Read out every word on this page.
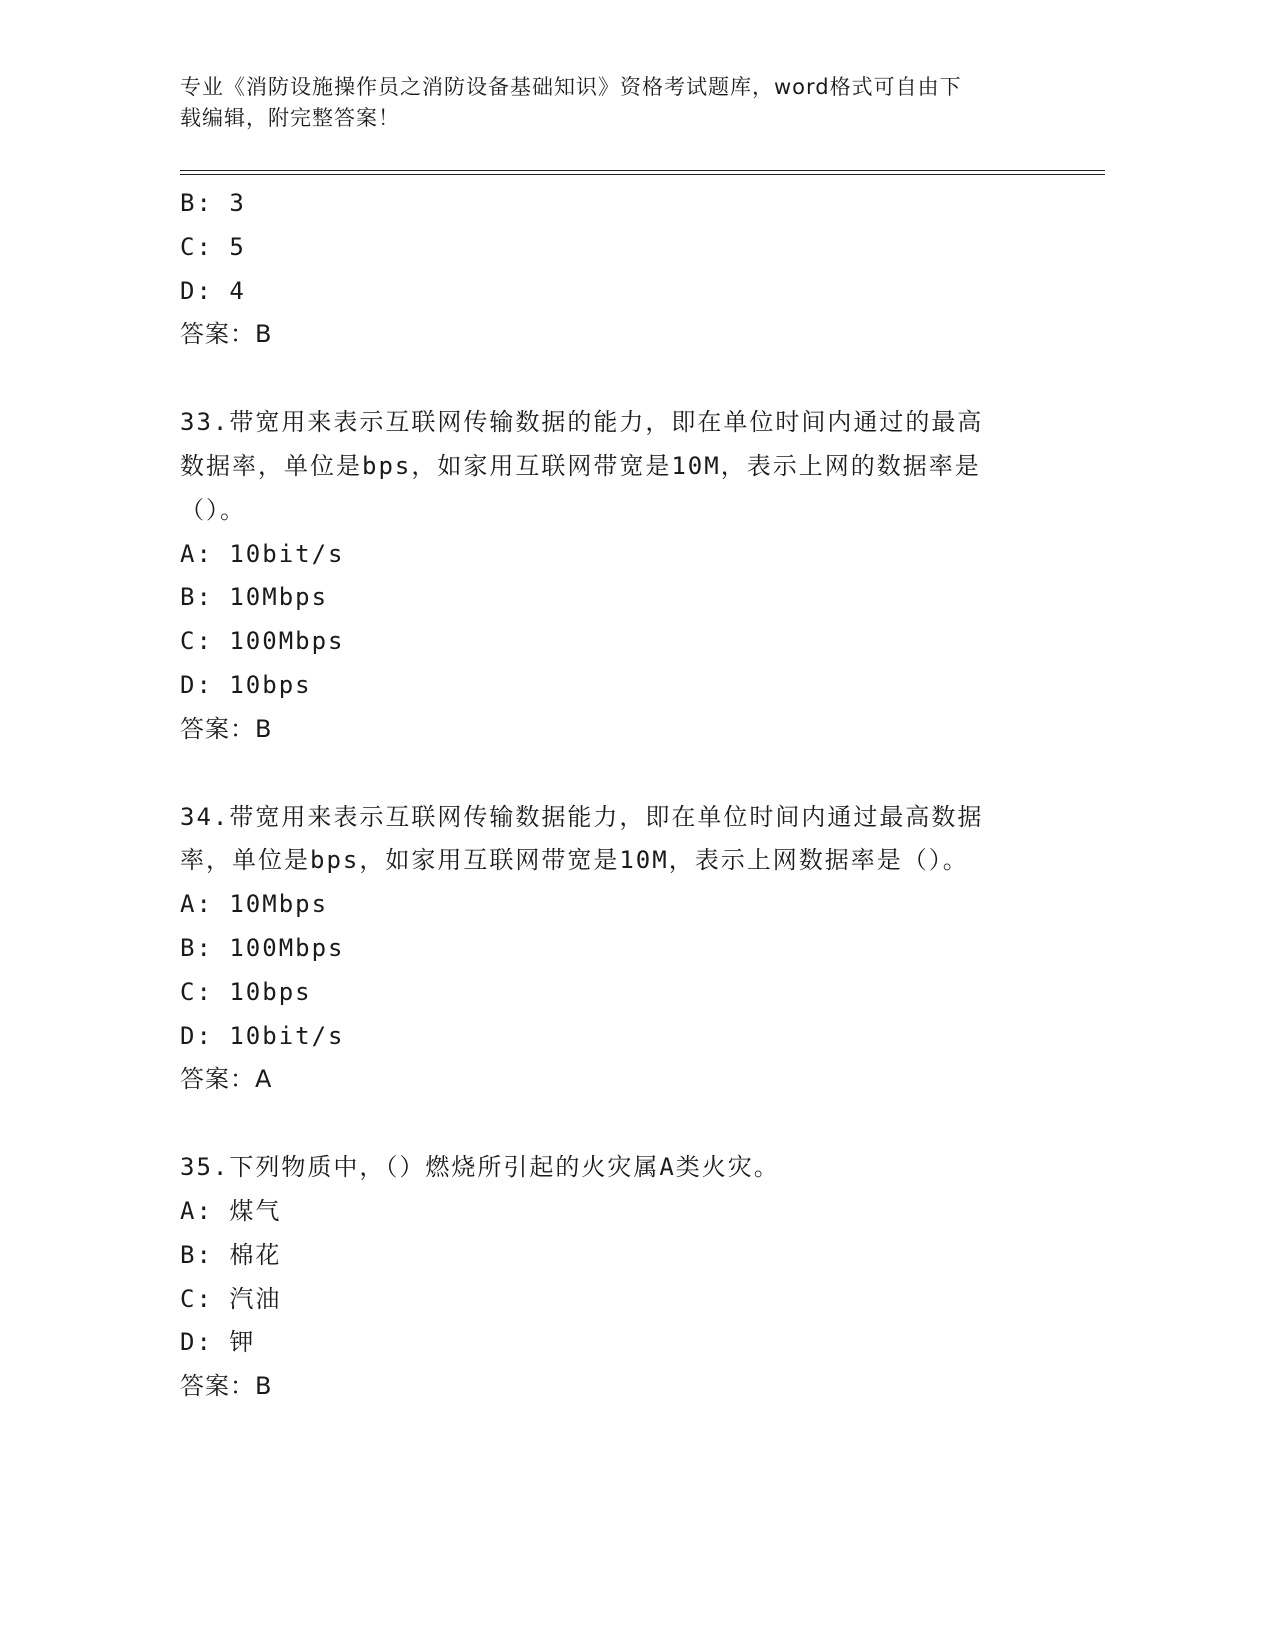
专业《消防设施操作员之消防设备基础知识》资格考试题库，word格式可自由下
载编辑，附完整答案！
B: 3
C: 5
D: 4
答案：B
33.带宽用来表示互联网传输数据的能力，即在单位时间内通过的最高
数据率，单位是bps，如家用互联网带宽是10M，表示上网的数据率是
（）。
A: 10bit/s
B: 10Mbps
C: 100Mbps
D: 10bps
答案：B
34.带宽用来表示互联网传输数据能力，即在单位时间内通过最高数据
率，单位是bps，如家用互联网带宽是10M，表示上网数据率是（）。
A: 10Mbps
B: 100Mbps
C: 10bps
D: 10bit/s
答案：A
35.下列物质中，（）燃烧所引起的火灾属A类火灾。
A: 煤气
B: 棉花
C: 汽油
D: 钾
答案：B
